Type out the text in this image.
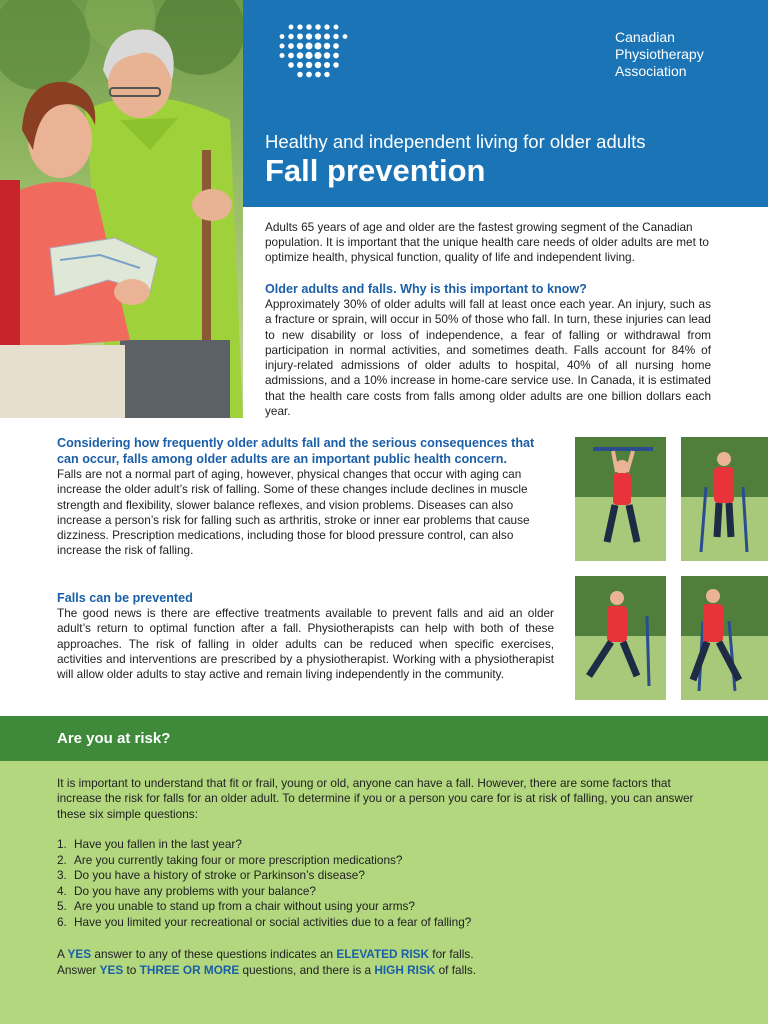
Canadian
Physiotherapy
Association
Healthy and independent living for older adults
Fall prevention

Adults 65 years of age and older are the fastest growing segment of the Canadian population. It is important that the unique health care needs of older adults are met to optimize health, physical function, quality of life and independent living.

Older adults and falls. Why is this important to know?

Approximately 30% of older adults will fall at least once each year. An injury, such as a fracture or sprain, will occur in 50% of those who fall. In turn, these injuries can lead to new disability or loss of independence, a fear of falling or withdrawal from participation in normal activities, and sometimes death. Falls account for 84% of injury-related admissions of older adults to hospital, 40% of all nursing home admissions, and a 10% increase in home-care service use. In Canada, it is estimated that the health care costs from falls among older adults are one billion dollars each year.

Considering how frequently older adults fall and the serious consequences that can occur, falls among older adults are an important public health concern.

Falls are not a normal part of aging, however, physical changes that occur with aging can increase the older adult’s risk of falling. Some of these changes include declines in muscle strength and flexibility, slower balance reflexes, and vision problems. Diseases can also increase a person’s risk for falling such as arthritis, stroke or inner ear problems that cause dizziness. Prescription medications, including those for blood pressure control, can also increase the risk of falling.

Falls can be prevented

The good news is there are effective treatments available to prevent falls and aid an older adult’s return to optimal function after a fall. Physiotherapists can help with both of these approaches. The risk of falling in older adults can be reduced when specific exercises, activities and interventions are prescribed by a physiotherapist. Working with a physiotherapist will allow older adults to stay active and remain living independently in the community.

Are you at risk?

It is important to understand that fit or frail, young or old, anyone can have a fall. However, there are some factors that increase the risk for falls for an older adult. To determine if you or a person you care for is at risk of falling, you can answer these six simple questions:

1. Have you fallen in the last year?
2. Are you currently taking four or more prescription medications?
3. Do you have a history of stroke or Parkinson’s disease?
4. Do you have any problems with your balance?
5. Are you unable to stand up from a chair without using your arms?
6. Have you limited your recreational or social activities due to a fear of falling?
A YES answer to any of these questions indicates an ELEVATED RISK for falls.
Answer YES to THREE OR MORE questions, and there is a HIGH RISK of falls.
